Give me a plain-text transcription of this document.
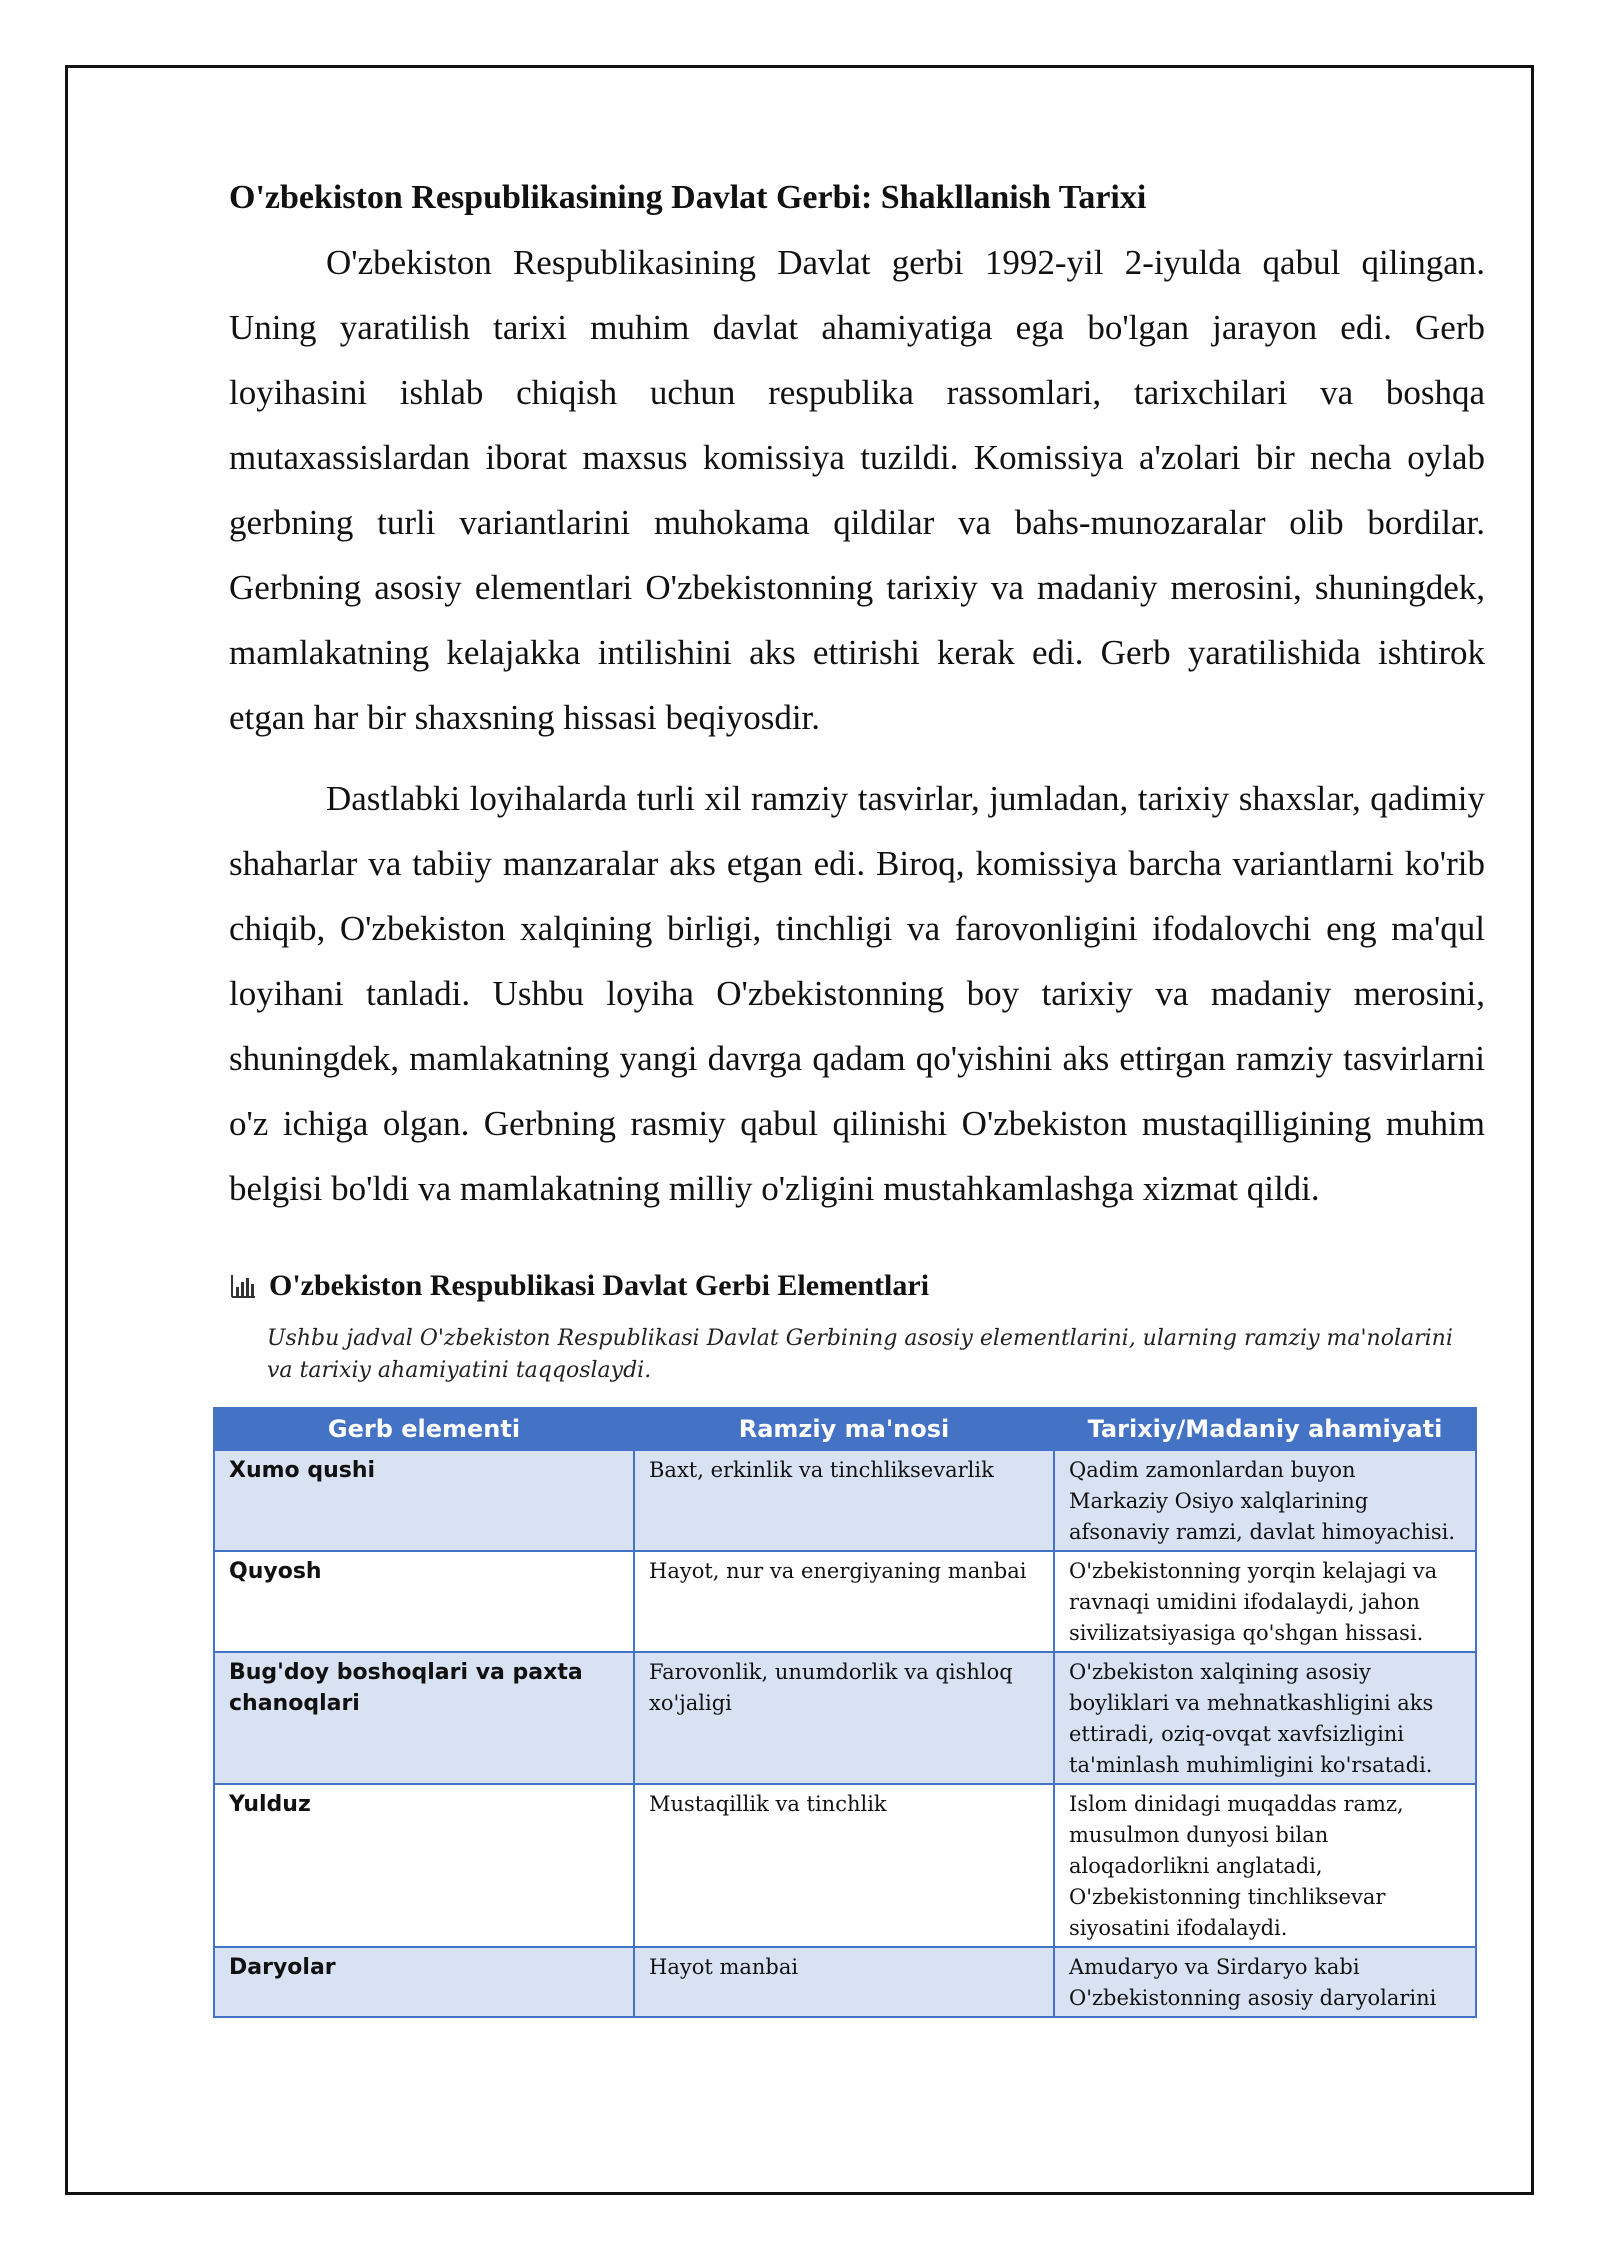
O'zbekiston Respublikasining Davlat Gerbi: Shakllanish Tarixi

O'zbekiston Respublikasining Davlat gerbi 1992-yil 2-iyulda qabul qilingan. Uning yaratilish tarixi muhim davlat ahamiyatiga ega bo'lgan jarayon edi. Gerb loyihasini ishlab chiqish uchun respublika rassomlari, tarixchilari va boshqa mutaxassislardan iborat maxsus komissiya tuzildi. Komissiya a'zolari bir necha oylab gerbning turli variantlarini muhokama qildilar va bahs-munozaralar olib bordilar. Gerbning asosiy elementlari O'zbekistonning tarixiy va madaniy merosini, shuningdek, mamlakatning kelajakka intilishini aks ettirishi kerak edi. Gerb yaratilishida ishtirok etgan har bir shaxsning hissasi beqiyosdir.

Dastlabki loyihalarda turli xil ramziy tasvirlar, jumladan, tarixiy shaxslar, qadimiy shaharlar va tabiiy manzaralar aks etgan edi. Biroq, komissiya barcha variantlarni ko'rib chiqib, O'zbekiston xalqining birligi, tinchligi va farovonligini ifodalovchi eng ma'qul loyihani tanladi. Ushbu loyiha O'zbekistonning boy tarixiy va madaniy merosini, shuningdek, mamlakatning yangi davrga qadam qo'yishini aks ettirgan ramziy tasvirlarni o'z ichiga olgan. Gerbning rasmiy qabul qilinishi O'zbekiston mustaqilligining muhim belgisi bo'ldi va mamlakatning milliy o'zligini mustahkamlashga xizmat qildi.

O'zbekiston Respublikasi Davlat Gerbi Elementlari
Ushbu jadval O'zbekiston Respublikasi Davlat Gerbining asosiy elementlarini, ularning ramziy ma'nolarini va tarixiy ahamiyatini taqqoslaydi.
Gerb elementi	Ramziy ma'nosi	Tarixiy/Madaniy ahamiyati
Xumo qushi	Baxt, erkinlik va tinchliksevarlik	Qadim zamonlardan buyon Markaziy Osiyo xalqlarining afsonaviy ramzi, davlat himoyachisi.
Quyosh	Hayot, nur va energiyaning manbai	O'zbekistonning yorqin kelajagi va ravnaqi umidini ifodalaydi, jahon sivilizatsiyasiga qo'shgan hissasi.
Bug'doy boshoqlari va paxta chanoqlari	Farovonlik, unumdorlik va qishloq xo'jaligi	O'zbekiston xalqining asosiy boyliklari va mehnatkashligini aks ettiradi, oziq-ovqat xavfsizligini ta'minlash muhimligini ko'rsatadi.
Yulduz	Mustaqillik va tinchlik	Islom dinidagi muqaddas ramz, musulmon dunyosi bilan aloqadorlikni anglatadi, O'zbekistonning tinchliksevar siyosatini ifodalaydi.
Daryolar	Hayot manbai	Amudaryo va Sirdaryo kabi O'zbekistonning asosiy daryolarini
